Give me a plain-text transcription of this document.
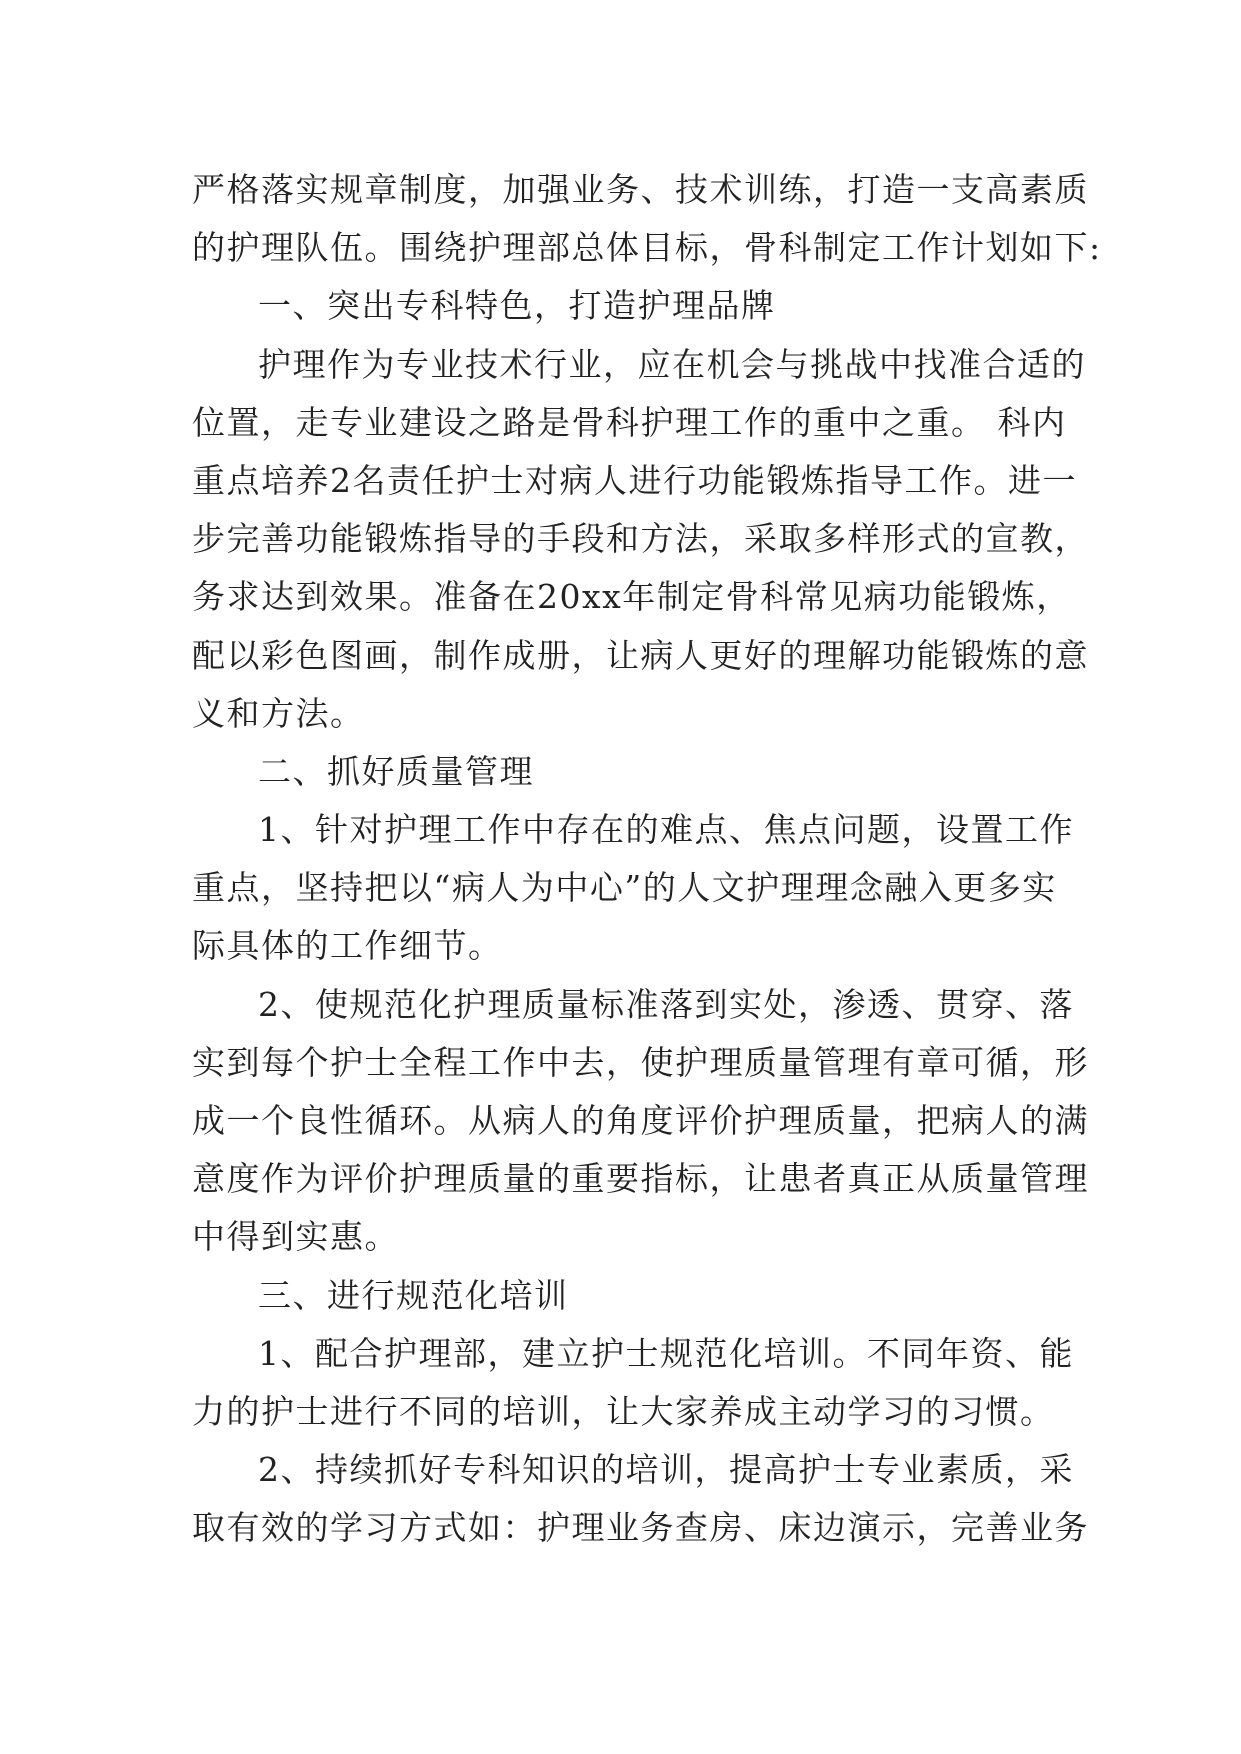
严格落实规章制度，加强业务、技术训练，打造一支高素质
的护理队伍。围绕护理部总体目标，骨科制定工作计划如下:
一、突出专科特色，打造护理品牌
护理作为专业技术行业，应在机会与挑战中找准合适的
位置，走专业建设之路是骨科护理工作的重中之重。 科内
重点培养2名责任护士对病人进行功能锻炼指导工作。进一
步完善功能锻炼指导的手段和方法，采取多样形式的宣教，
务求达到效果。准备在20xx年制定骨科常见病功能锻炼，
配以彩色图画，制作成册，让病人更好的理解功能锻炼的意
义和方法。
二、抓好质量管理
1、针对护理工作中存在的难点、焦点问题，设置工作
重点，坚持把以“病人为中心”的人文护理理念融入更多实
际具体的工作细节。
2、使规范化护理质量标准落到实处，渗透、贯穿、落
实到每个护士全程工作中去，使护理质量管理有章可循，形
成一个良性循环。从病人的角度评价护理质量，把病人的满
意度作为评价护理质量的重要指标，让患者真正从质量管理
中得到实惠。
三、进行规范化培训
1、配合护理部，建立护士规范化培训。不同年资、能
力的护士进行不同的培训，让大家养成主动学习的习惯。
2、持续抓好专科知识的培训，提高护士专业素质，采
取有效的学习方式如：护理业务查房、床边演示，完善业务
